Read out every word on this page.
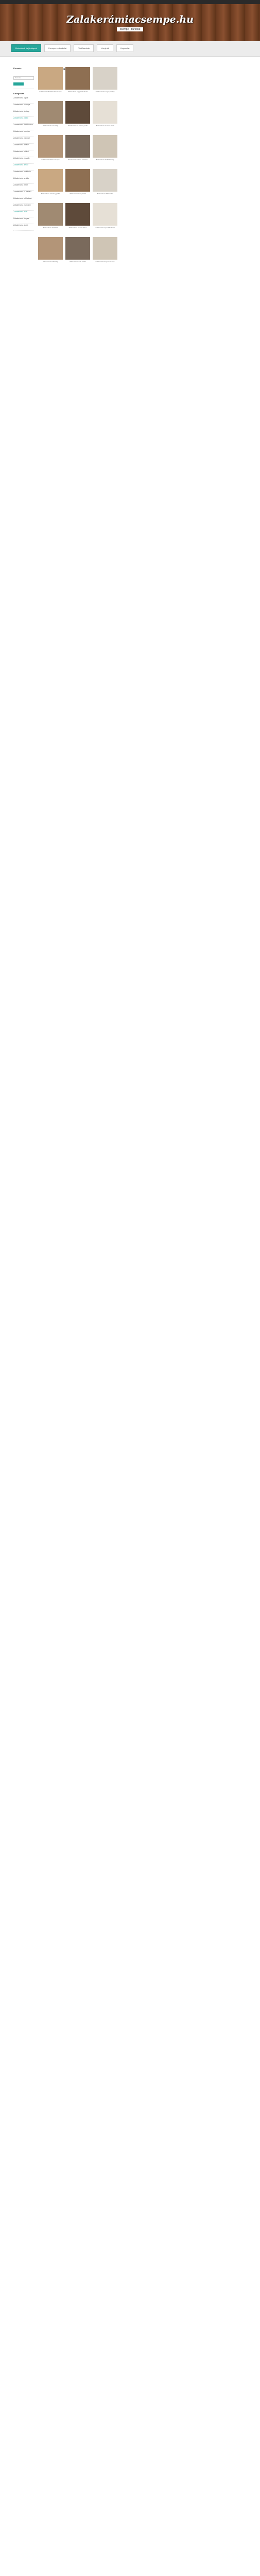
Zalakerámiacsempe.hu
csempe · burkolat
Burkolatok és járólapok	Csempe és burkolat	Fürdőszobák	Konyhák	Kapcsolat
Keresés
Keresés...
Kategóriák
Zalakerámia lapok
Zalakerámia csempe
Zalakerámia járólap
Zalakerámia padló
Zalakerámia fürdőszoba
Zalakerámia konyha
Zalakerámia nappali
Zalakerámia terasz
Zalakerámia kültéri
Zalakerámia mozaik
Zalakerámia dekor
Zalakerámia kollekció
Zalakerámia szürke
Zalakerámia fehér
Zalakerámia fa hatású
Zalakerámia kő hatású
Zalakerámia márvány
Zalakerámia matt
Zalakerámia fényes
Zalakerámia akció
Zalakerámia fürdőszoba csempe	Zalakerámia nappali burkolat	Zalakerámia konyha járólap
Zalakerámia terasz lap	Zalakerámia fa hatású padló	Zalakerámia modern fürdő
Zalakerámia fehér csempe	Zalakerámia szürke burkolat	Zalakerámia kő hatású lap
Zalakerámia márvány padló	Zalakerámia konyhai fal	Zalakerámia hálószoba
Zalakerámia kollekció	Zalakerámia mozaik dekor	Zalakerámia lépcső burkolat
Zalakerámia kültéri lap	Zalakerámia matt felület	Zalakerámia fényes csempe
